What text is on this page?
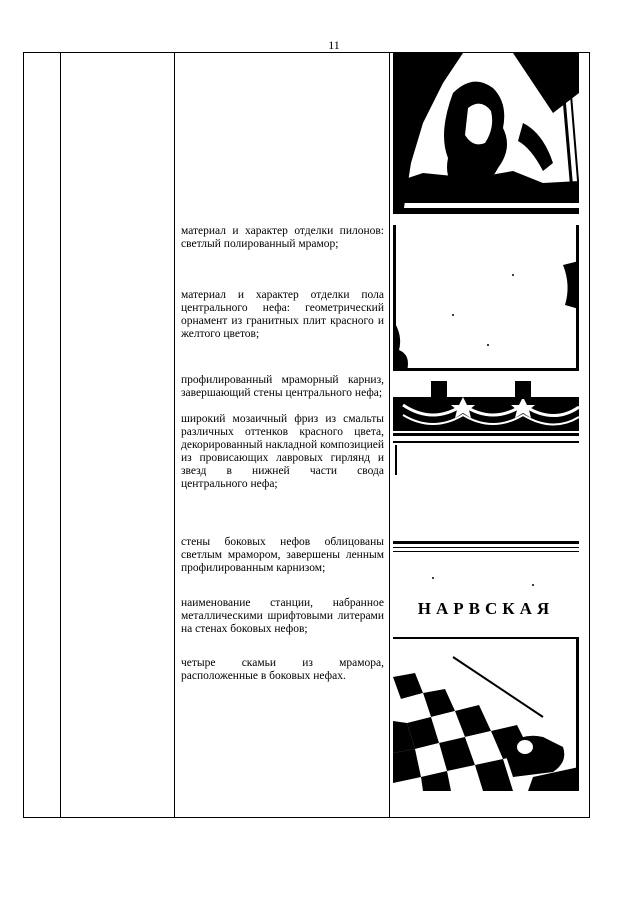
11

материал и характер отделки пилонов: светлый полированный мрамор;

материал и характер отделки пола центрального нефа: геометрический орнамент из гранитных плит красного и желтого цветов;

профилированный мраморный карниз, завершающий стены центрального нефа;

широкий мозаичный фриз из смальты различных оттенков красного цвета, декорированный накладной композицией из провисающих лавровых гирлянд и звезд в нижней части свода центрального нефа;

стены боковых нефов облицованы светлым мрамором, завершены ленным профилированным карнизом;

наименование станции, набранное металлическими шрифтовыми литерами на стенах боковых нефов;

четыре скамьи из мрамора, расположенные в боковых нефах.

НАРВСКАЯ
